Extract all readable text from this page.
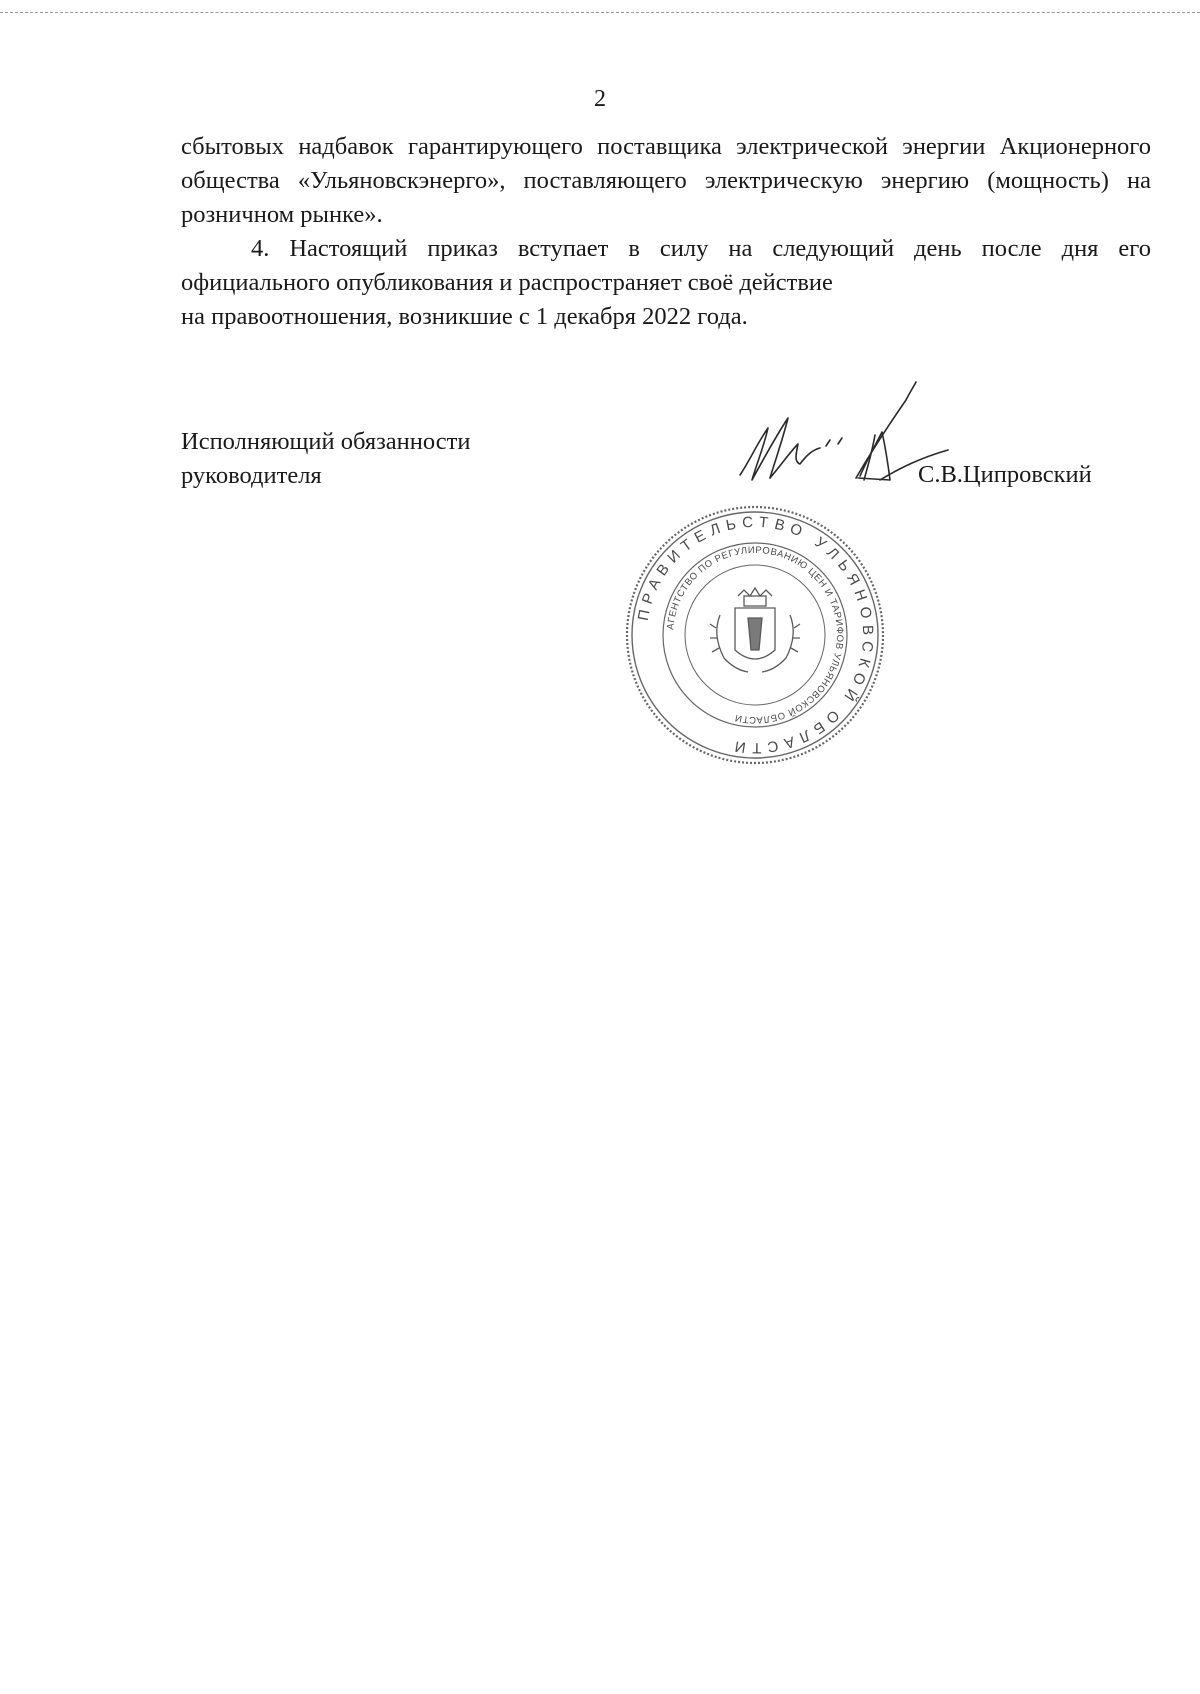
2

сбытовых надбавок гарантирующего поставщика электрической энергии Акционерного общества «Ульяновскэнерго», поставляющего электрическую энергию (мощность) на розничном рынке».

4. Настоящий приказ вступает в силу на следующий день после дня его официального опубликования и распространяет своё действие

на правоотношения, возникшие с 1 декабря 2022 года.

Исполняющий обязанности
руководителя	С.В.Ципровский
ПРАВИТЕЛЬСТВО УЛЬЯНОВСКОЙ ОБЛАСТИ
АГЕНТСТВО ПО РЕГУЛИРОВАНИЮ ЦЕН И ТАРИФОВ УЛЬЯНОВСКОЙ ОБЛАСТИ
